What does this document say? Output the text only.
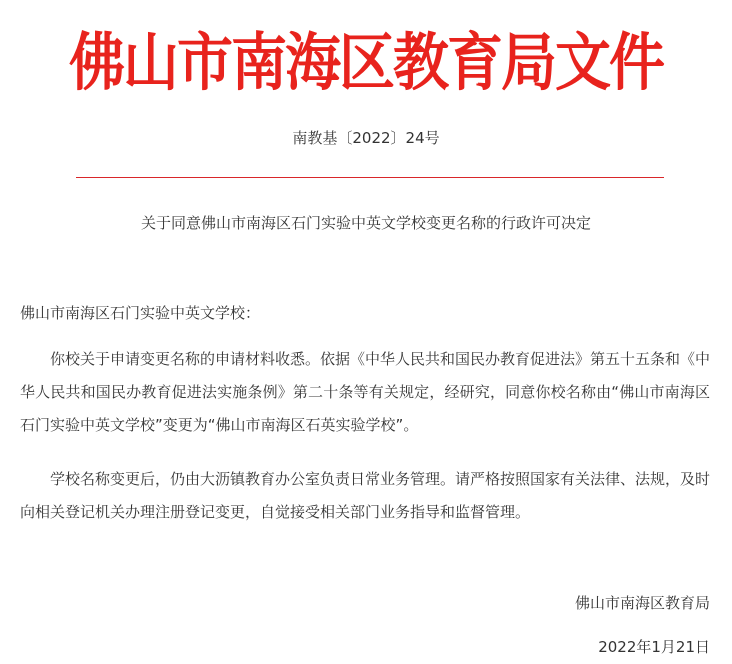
佛山市南海区教育局文件
南教基〔2022〕24号
关于同意佛山市南海区石门实验中英文学校变更名称的行政许可决定
佛山市南海区石门实验中英文学校：
你校关于申请变更名称的申请材料收悉。依据《中华人民共和国民办教育促进法》第五十五条和《中华人民共和国民办教育促进法实施条例》第二十条等有关规定，经研究，同意你校名称由“佛山市南海区石门实验中英文学校”变更为“佛山市南海区石英实验学校”。
学校名称变更后，仍由大沥镇教育办公室负责日常业务管理。请严格按照国家有关法律、法规，及时向相关登记机关办理注册登记变更，自觉接受相关部门业务指导和监督管理。
佛山市南海区教育局
2022年1月21日
